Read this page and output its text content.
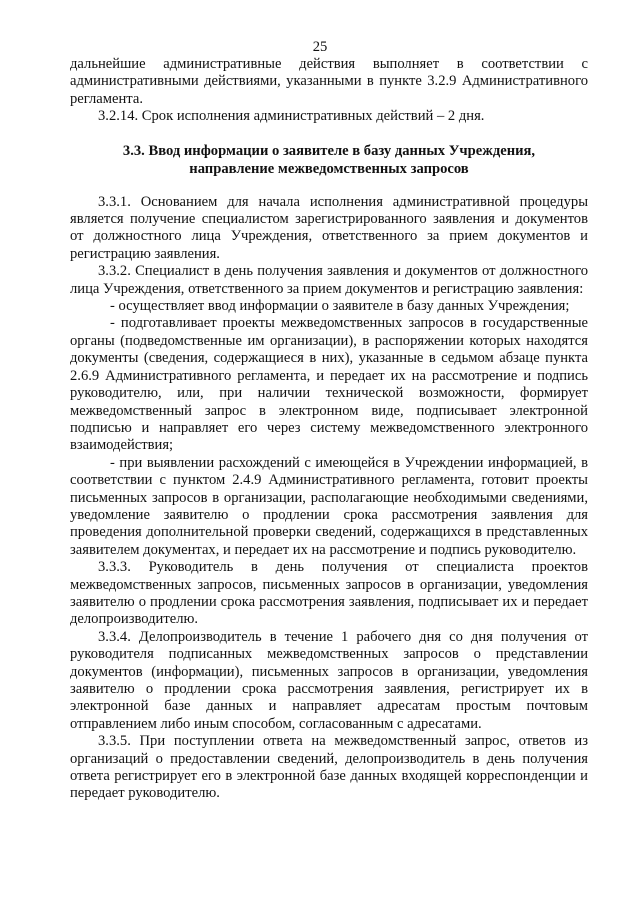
25

дальнейшие административные действия выполняет в соответствии с административными действиями, указанными в пункте 3.2.9 Административного регламента.

3.2.14. Срок исполнения административных действий – 2 дня.

3.3. Ввод информации о заявителе в базу данных Учреждения,
направление межведомственных запросов

3.3.1. Основанием для начала исполнения административной процедуры является получение специалистом зарегистрированного заявления и документов от должностного лица Учреждения, ответственного за прием документов и регистрацию заявления.

3.3.2. Специалист в день получения заявления и документов от должностного лица Учреждения, ответственного за прием документов и регистрацию заявления:

- осуществляет ввод информации о заявителе в базу данных Учреждения;

- подготавливает проекты межведомственных запросов в государственные органы (подведомственные им организации), в распоряжении которых находятся документы (сведения, содержащиеся в них), указанные в седьмом абзаце пункта 2.6.9 Административного регламента, и передает их на рассмотрение и подпись руководителю, или, при наличии технической возможности, формирует межведомственный запрос в электронном виде, подписывает электронной подписью и направляет его через систему межведомственного электронного взаимодействия;

- при выявлении расхождений с имеющейся в Учреждении информацией, в соответствии с пунктом 2.4.9 Административного регламента, готовит проекты письменных запросов в организации, располагающие необходимыми сведениями, уведомление заявителю о продлении срока рассмотрения заявления для проведения дополнительной проверки сведений, содержащихся в представленных заявителем документах, и передает их на рассмотрение и подпись руководителю.

3.3.3. Руководитель в день получения от специалиста проектов межведомственных запросов, письменных запросов в организации, уведомления заявителю о продлении срока рассмотрения заявления, подписывает их и передает делопроизводителю.

3.3.4. Делопроизводитель в течение 1 рабочего дня со дня получения от руководителя подписанных межведомственных запросов о представлении документов (информации), письменных запросов в организации, уведомления заявителю о продлении срока рассмотрения заявления, регистрирует их в электронной базе данных и направляет адресатам простым почтовым отправлением либо иным способом, согласованным с адресатами.

3.3.5. При поступлении ответа на межведомственный запрос, ответов из организаций о предоставлении сведений, делопроизводитель в день получения ответа регистрирует его в электронной базе данных входящей корреспонденции и передает руководителю.
